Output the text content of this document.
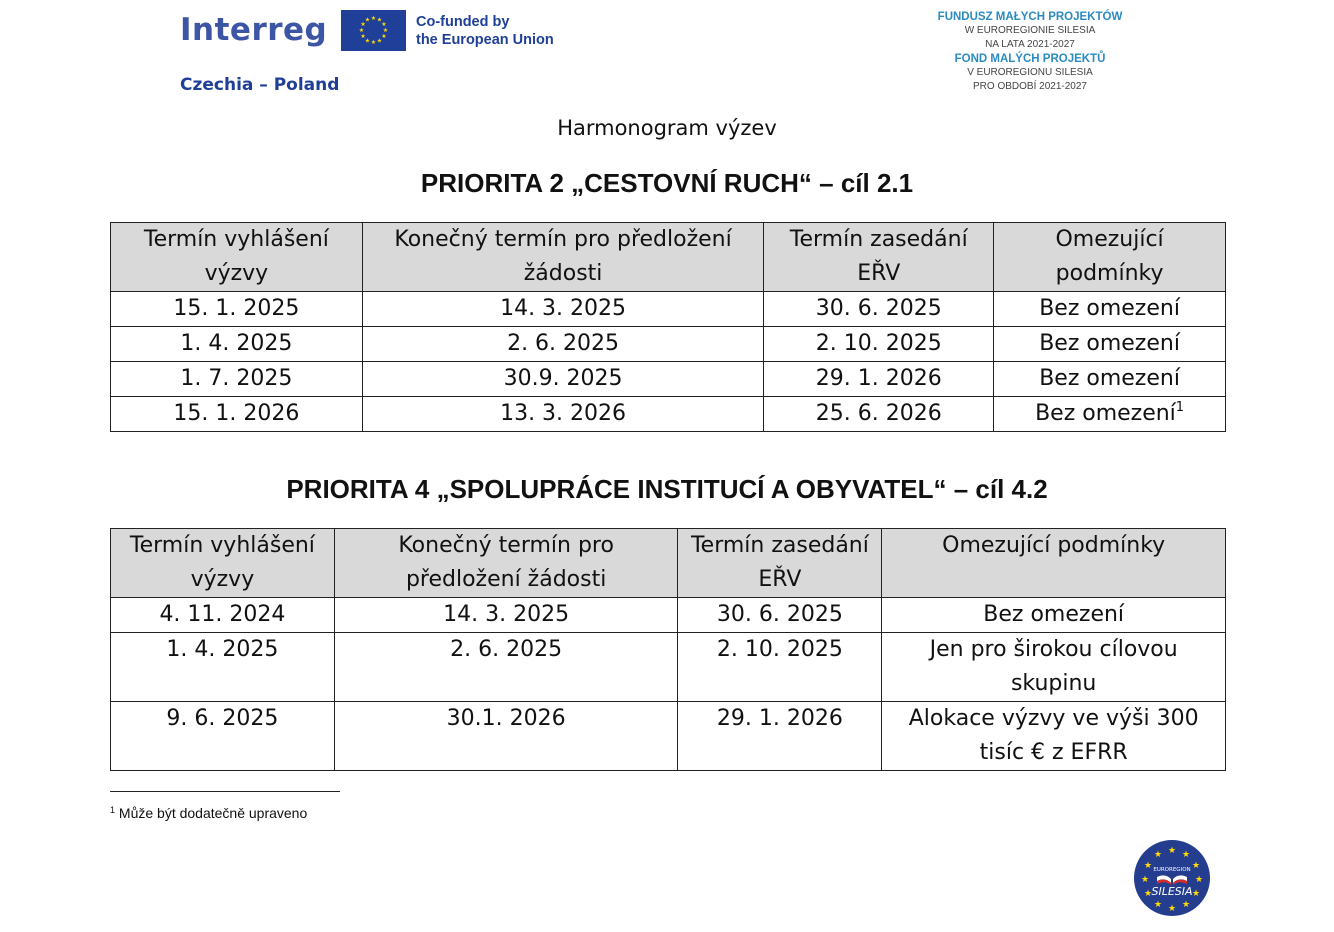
Interreg	★ ★
★
★
★
★
★
★
★
★
★
★	Co-funded by
the European Union
Czechia – Poland
FUNDUSZ MAŁYCH PROJEKTÓW
W EUROREGIONIE SILESIA
NA LATA 2021-2027
FOND MALÝCH PROJEKTŮ
V EUROREGIONU SILESIA
PRO OBDOBÍ 2021-2027
Harmonogram výzev
PRIORITA 2 „CESTOVNÍ RUCH“ – cíl 2.1
Termín vyhlášení výzvy	Konečný termín pro předložení žádosti	Termín zasedání EŘV	Omezující podmínky
15. 1. 2025	14. 3. 2025	30. 6. 2025	Bez omezení
1. 4. 2025	2. 6. 2025	2. 10. 2025	Bez omezení
1. 7. 2025	30.9. 2025	29. 1. 2026	Bez omezení
15. 1. 2026	13. 3. 2026	25. 6. 2026	Bez omezení$^1$
PRIORITA 4 „SPOLUPRÁCE INSTITUCÍ A OBYVATEL“ – cíl 4.2
Termín vyhlášení výzvy	Konečný termín pro předložení žádosti	Termín zasedání EŘV	Omezující podmínky
4. 11. 2024	14. 3. 2025	30. 6. 2025	Bez omezení
1. 4. 2025	2. 6. 2025	2. 10. 2025	Jen pro širokou cílovou skupinu
9. 6. 2025	30.1. 2026	29. 1. 2026	Alokace výzvy ve výši 300 tisíc € z EFRR
$^1$ Může být dodatečně upraveno
★ ★
★
★
★
★
★
★
★
★
★
★
EUROREGION
SILESIA
